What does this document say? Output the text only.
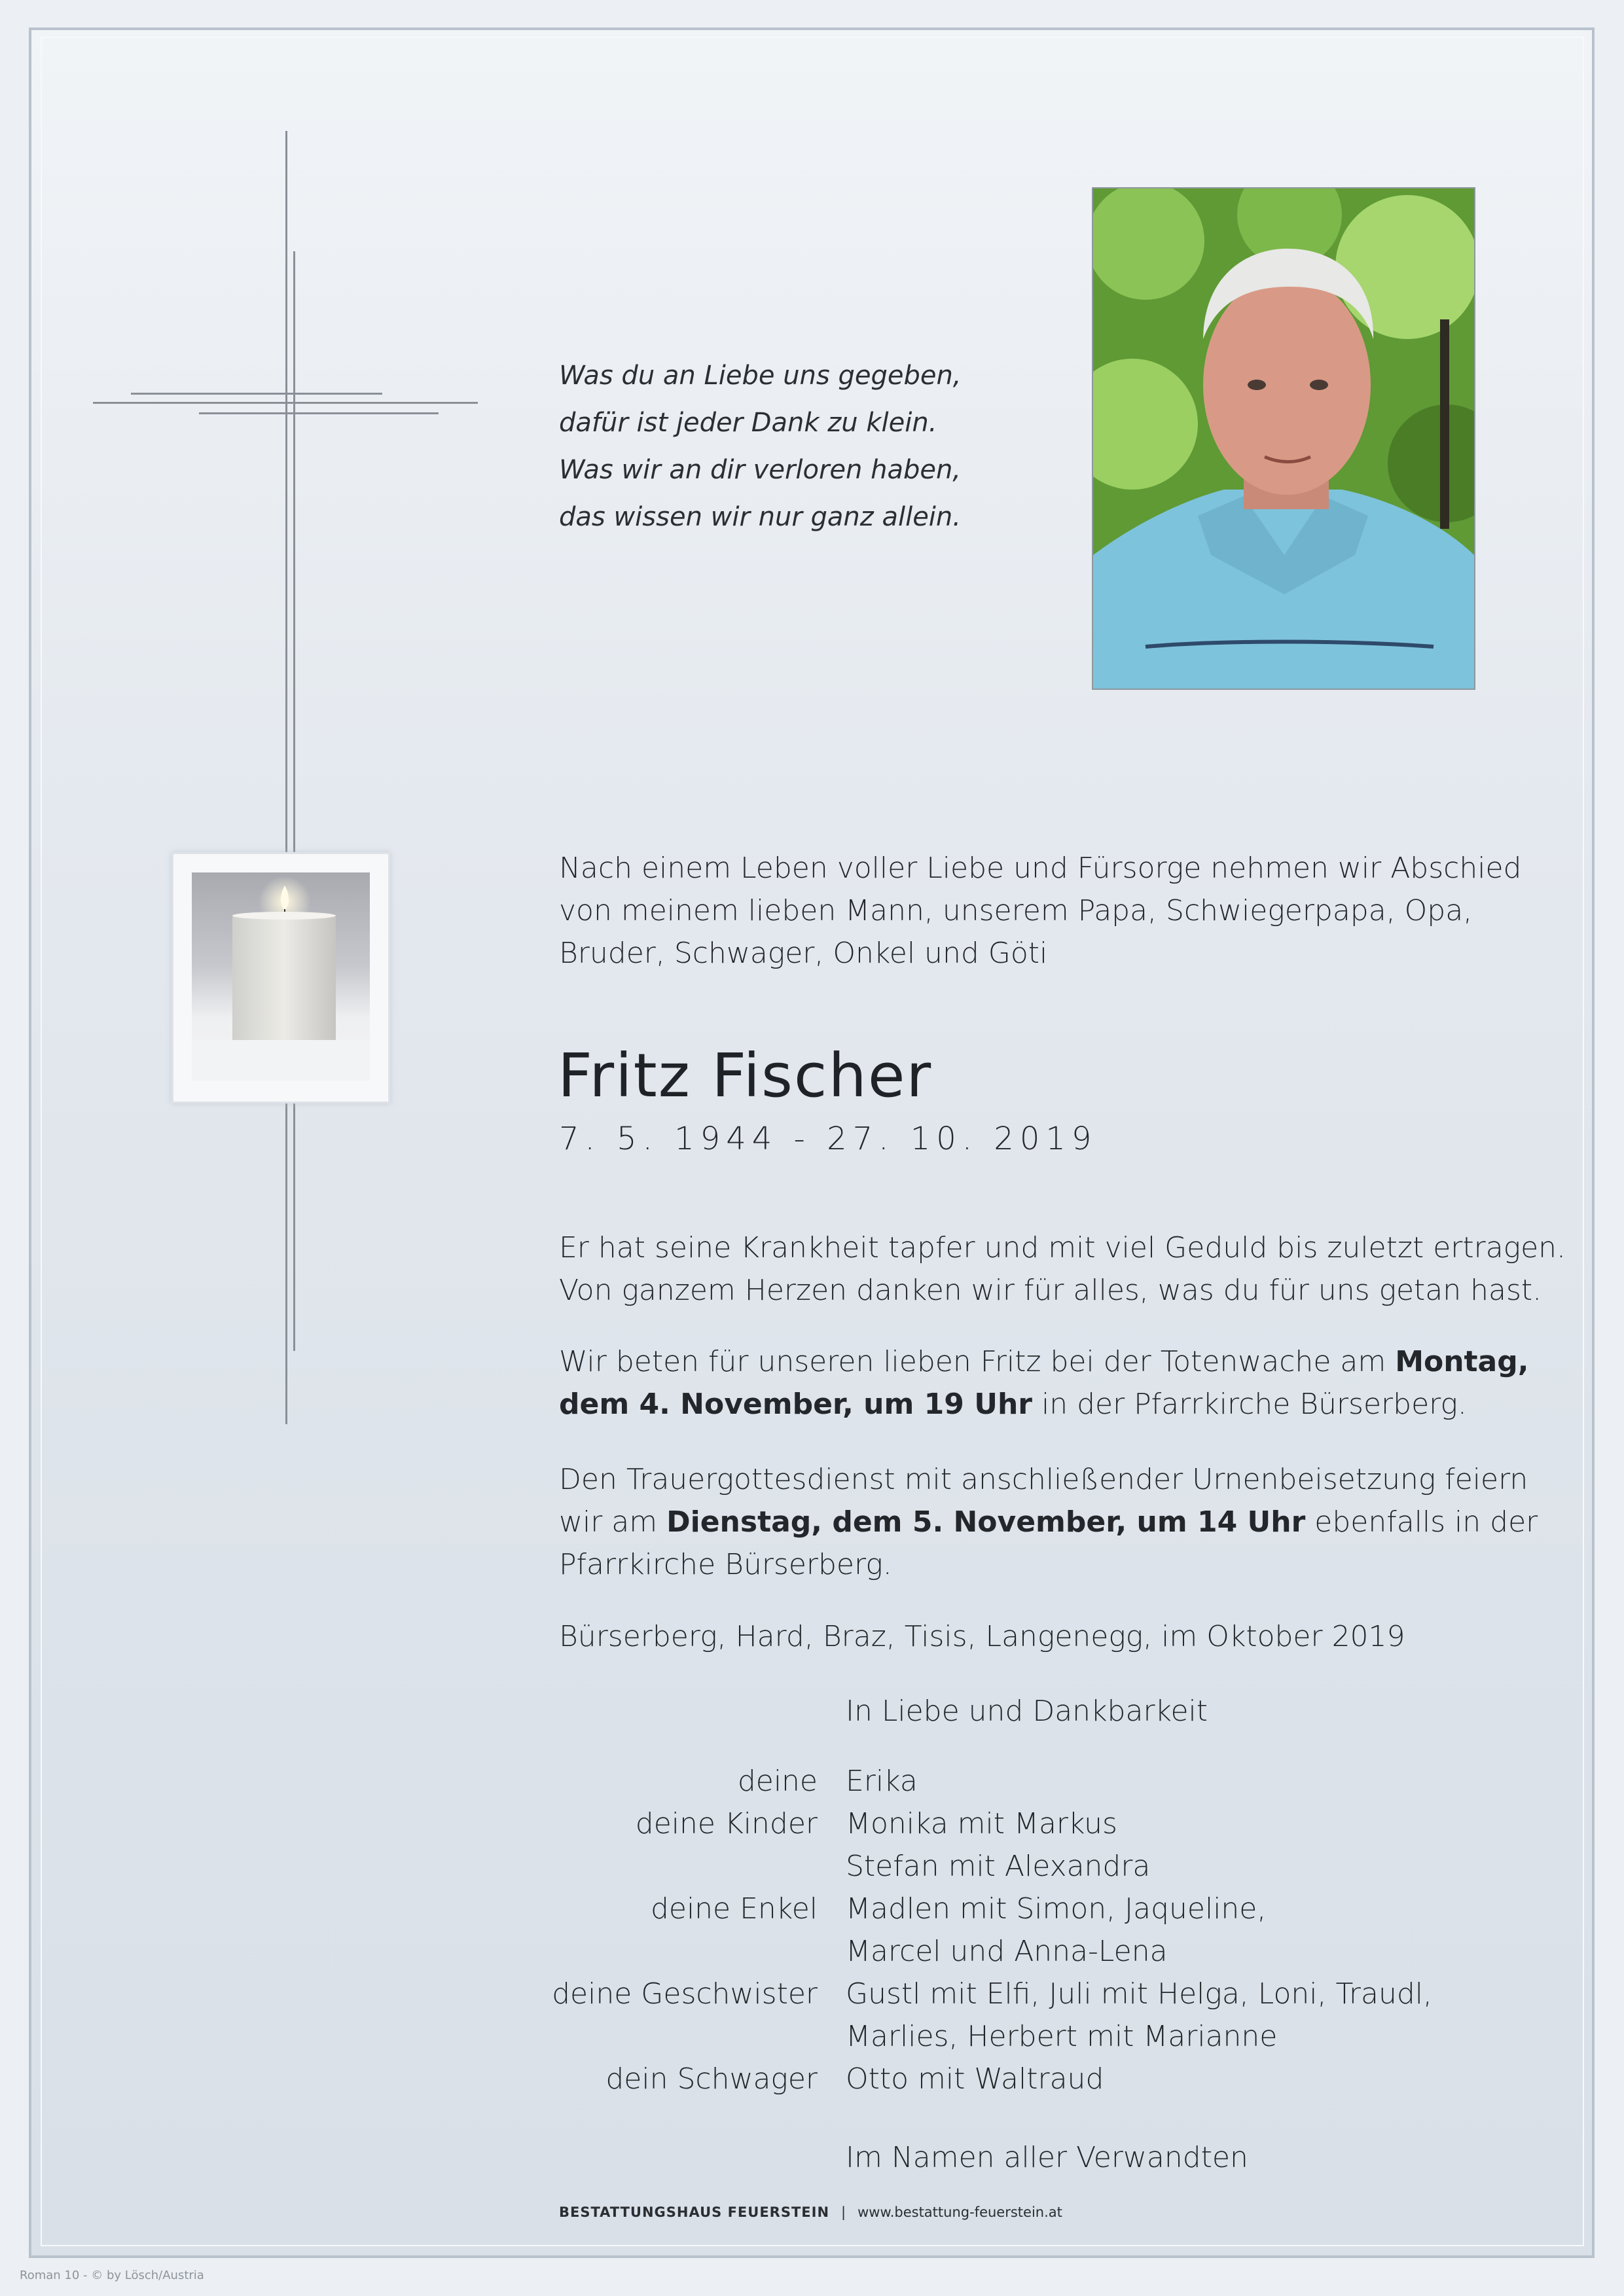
Was du an Liebe uns gegeben,
dafür ist jeder Dank zu klein.
Was wir an dir verloren haben,
das wissen wir nur ganz allein.
Nach einem Leben voller Liebe und Fürsorge nehmen wir Abschied
von meinem lieben Mann, unserem Papa, Schwiegerpapa, Opa,
Bruder, Schwager, Onkel und Göti
Fritz Fischer
7. 5. 1944 - 27. 10. 2019
Er hat seine Krankheit tapfer und mit viel Geduld bis zuletzt ertragen.
Von ganzem Herzen danken wir für alles, was du für uns getan hast.
Wir beten für unseren lieben Fritz bei der Totenwache am Montag,
dem 4. November, um 19 Uhr in der Pfarrkirche Bürserberg.
Den Trauergottesdienst mit anschließender Urnenbeisetzung feiern
wir am Dienstag, dem 5. November, um 14 Uhr ebenfalls in der
Pfarrkirche Bürserberg.
Bürserberg, Hard, Braz, Tisis, Langenegg, im Oktober 2019
In Liebe und Dankbarkeit
deine Erika
deine Kinder Monika mit Markus
Stefan mit Alexandra
deine Enkel Madlen mit Simon, Jaqueline,
Marcel und Anna-Lena
deine Geschwister Gustl mit Elfi, Juli mit Helga, Loni, Traudl,
Marlies, Herbert mit Marianne
dein Schwager Otto mit Waltraud
Im Namen aller Verwandten
BESTATTUNGSHAUS FEUERSTEIN | www.bestattung-feuerstein.at
Roman 10 - © by Lösch/Austria
